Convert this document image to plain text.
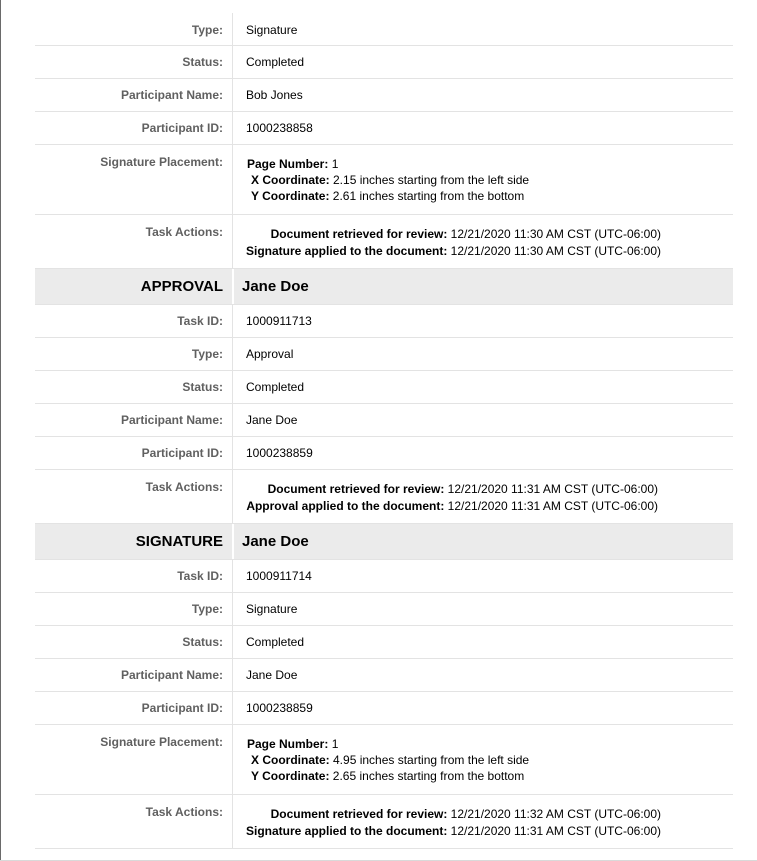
Type:	Signature
Status:	Completed
Participant Name:	Bob Jones
Participant ID:	1000238858
Signature Placement:	Page Number: 1
X Coordinate: 2.15 inches starting from the left side
Y Coordinate: 2.61 inches starting from the bottom
Task Actions:	Document retrieved for review: 12/21/2020 11:30 AM CST (UTC-06:00)
Signature applied to the document: 12/21/2020 11:30 AM CST (UTC-06:00)
APPROVAL	Jane Doe
Task ID:	1000911713
Type:	Approval
Status:	Completed
Participant Name:	Jane Doe
Participant ID:	1000238859
Task Actions:	Document retrieved for review: 12/21/2020 11:31 AM CST (UTC-06:00)
Approval applied to the document: 12/21/2020 11:31 AM CST (UTC-06:00)
SIGNATURE	Jane Doe
Task ID:	1000911714
Type:	Signature
Status:	Completed
Participant Name:	Jane Doe
Participant ID:	1000238859
Signature Placement:	Page Number: 1
X Coordinate: 4.95 inches starting from the left side
Y Coordinate: 2.65 inches starting from the bottom
Task Actions:	Document retrieved for review: 12/21/2020 11:32 AM CST (UTC-06:00)
Signature applied to the document: 12/21/2020 11:31 AM CST (UTC-06:00)
